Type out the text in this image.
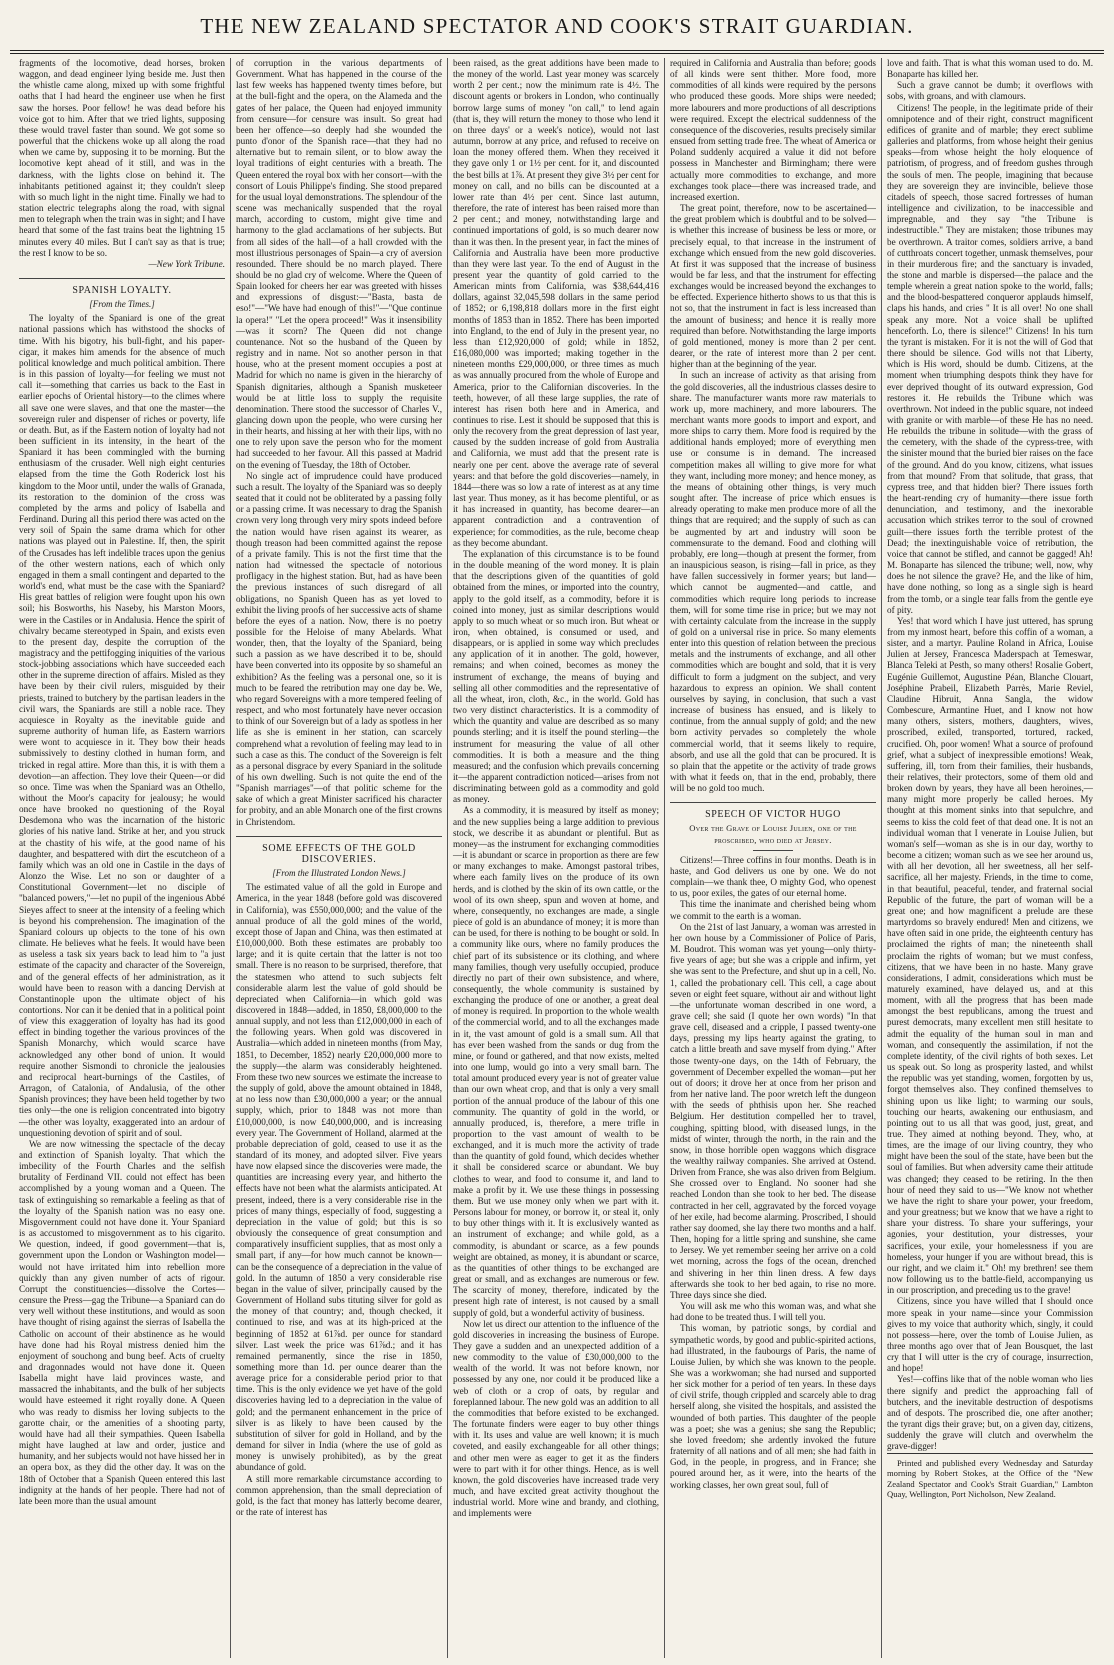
THE NEW ZEALAND SPECTATOR AND COOK'S STRAIT GUARDIAN.

fragments of the locomotive, dead horses, broken waggon, and dead engineer lying beside me. Just then the whistle came along, mixed up with some frightful oaths that I had heard the engineer use when he first saw the horses. Poor fellow! he was dead before his voice got to him. After that we tried lights, supposing these would travel faster than sound. We got some so powerful that the chickens woke up all along the road when we came by, supposing it to be morning. But the locomotive kept ahead of it still, and was in the darkness, with the lights close on behind it. The inhabitants petitioned against it; they couldn't sleep with so much light in the night time. Finally we had to station electric telegraphs along the road, with signal men to telegraph when the train was in sight; and I have heard that some of the fast trains beat the lightning 15 minutes every 40 miles. But I can't say as that is true; the rest I know to be so.

—New York Tribune.

SPANISH LOYALTY.
[From the Times.]

The loyalty of the Spaniard is one of the great national passions which has withstood the shocks of time. With his bigotry, his bull-fight, and his paper-cigar, it makes him amends for the absence of much political knowledge and much political ambition. There is in this passion of loyalty—for feeling we must not call it—something that carries us back to the East in earlier epochs of Oriental history—to the climes where all save one were slaves, and that one the master—the sovereign ruler and dispenser of riches or poverty, life or death. But, as if the Eastern notion of loyalty had not been sufficient in its intensity, in the heart of the Spaniard it has been commingled with the burning enthusiasm of the crusader. Well nigh eight centuries elapsed from the time the Goth Roderick lost his kingdom to the Moor until, under the walls of Granada, its restoration to the dominion of the cross was completed by the arms and policy of Isabella and Ferdinand. During all this period there was acted on the very soil of Spain the same drama which for other nations was played out in Palestine. If, then, the spirit of the Crusades has left indelible traces upon the genius of the other western nations, each of which only engaged in them a small contingent and departed to the world's end, what must be the case with the Spaniard? His great battles of religion were fought upon his own soil; his Bosworths, his Naseby, his Marston Moors, were in the Castiles or in Andalusia. Hence the spirit of chivalry became stereotyped in Spain, and exists even to the present day, despite the corruption of the magistracy and the pettifogging iniquities of the various stock-jobbing associations which have succeeded each other in the supreme direction of affairs. Misled as they have been by their civil rulers, misguided by their priests, trained to butchery by the partisan leaders in the civil wars, the Spaniards are still a noble race. They acquiesce in Royalty as the inevitable guide and supreme authority of human life, as Eastern warriors were wont to acquiesce in it. They bow their heads submissively to destiny clothed in human form, and tricked in regal attire. More than this, it is with them a devotion—an affection. They love their Queen—or did so once. Time was when the Spaniard was an Othello, without the Moor's capacity for jealousy; he would once have brooked no questioning of the Royal Desdemona who was the incarnation of the historic glories of his native land. Strike at her, and you struck at the chastity of his wife, at the good name of his daughter, and bespattered with dirt the escutcheon of a family which was an old one in Castile in the days of Alonzo the Wise. Let no son or daughter of a Constitutional Government—let no disciple of "balanced powers,"—let no pupil of the ingenious Abbé Sieyes affect to sneer at the intensity of a feeling which is beyond his comprehension. The imagination of the Spaniard colours up objects to the tone of his own climate. He believes what he feels. It would have been as useless a task six years back to lead him to "a just estimate of the capacity and character of the Sovereign, and of the general effects of her administration, as it would have been to reason with a dancing Dervish at Constantinople upon the ultimate object of his contortions. Nor can it be denied that in a political point of view this exaggeration of loyalty has had its good effect in binding together the various provinces of the Spanish Monarchy, which would scarce have acknowledged any other bond of union. It would require another Sismondi to chronicle the jealousies and reciprocal heart-burnings of the Castiles, of Arragon, of Catalonia, of Andalusia, of the other Spanish provinces; they have been held together by two ties only—the one is religion concentrated into bigotry—the other was loyalty, exaggerated into an ardour of unquestioning devotion of spirit and of soul.

We are now witnessing the spectacle of the decay and extinction of Spanish loyalty. That which the imbecility of the Fourth Charles and the selfish brutality of Ferdinand VII. could not effect has been accomplished by a young woman and a Queen. The task of extinguishing so remarkable a feeling as that of the loyalty of the Spanish nation was no easy one. Misgovernment could not have done it. Your Spaniard is as accustomed to misgovernment as to his cigarito. We question, indeed, if good government—that is, government upon the London or Washington model—would not have irritated him into rebellion more quickly than any given number of acts of rigour. Corrupt the constituencies—dissolve the Cortes—censure the Press—gag the Tribune—a Spaniard can do very well without these institutions, and would as soon have thought of rising against the sierras of Isabella the Catholic on account of their abstinence as he would have done had his Royal mistress denied him the enjoyment of souchong and bung beef. Acts of cruelty and dragonnades would not have done it. Queen Isabella might have laid provinces waste, and massacred the inhabitants, and the bulk of her subjects would have esteemed it right royally done. A Queen who was ready to dismiss her loving subjects to the garotte chair, or the amenities of a shooting party, would have had all their sympathies. Queen Isabella might have laughed at law and order, justice and humanity, and her subjects would not have hissed her in an opera box, as they did the other day. It was on the 18th of October that a Spanish Queen entered this last indignity at the hands of her people. There had not of late been more than the usual amount

of corruption in the various departments of Government. What has happened in the course of the last few weeks has happened twenty times before, but at the bull-fight and the opera, on the Alameda and the gates of her palace, the Queen had enjoyed immunity from censure—for censure was insult. So great had been her offence—so deeply had she wounded the punto d'onor of the Spanish race—that they had no alternative but to remain silent, or to blow away the loyal traditions of eight centuries with a breath. The Queen entered the royal box with her consort—with the consort of Louis Philippe's finding. She stood prepared for the usual loyal demonstrations. The splendour of the scene was mechanically suspended that the royal march, according to custom, might give time and harmony to the glad acclamations of her subjects. But from all sides of the hall—of a hall crowded with the most illustrious personages of Spain—a cry of aversion resounded. There should be no march played. There should be no glad cry of welcome. Where the Queen of Spain looked for cheers her ear was greeted with hisses and expressions of disgust:—"Basta, basta de eso!"—"We have had enough of this!"—"Que continue la opera!" "Let the opera proceed!" Was it insensibility—was it scorn? The Queen did not change countenance. Not so the husband of the Queen by registry and in name. Not so another person in that house, who at the present moment occupies a post at Madrid for which no name is given in the hierarchy of Spanish dignitaries, although a Spanish musketeer would be at little loss to supply the requisite denomination. There stood the successor of Charles V., glancing down upon the people, who were cursing her in their hearts, and hissing at her with their lips, with no one to rely upon save the person who for the moment had succeeded to her favour. All this passed at Madrid on the evening of Tuesday, the 18th of October.

No single act of imprudence could have produced such a result. The loyalty of the Spaniard was so deeply seated that it could not be obliterated by a passing folly or a passing crime. It was necessary to drag the Spanish crown very long through very miry spots indeed before the nation would have risen against its wearer, as though treason had been committed against the repose of a private family. This is not the first time that the nation had witnessed the spectacle of notorious profligacy in the highest station. But, had as have been the previous instances of such disregard of all obligations, no Spanish Queen has as yet loved to exhibit the living proofs of her successive acts of shame before the eyes of a nation. Now, there is no poetry possible for the Heloise of many Abelards. What wonder, then, that the loyalty of the Spaniard, being such a passion as we have described it to be, should have been converted into its opposite by so shameful an exhibition? As the feeling was a personal one, so it is much to be feared the retribution may one day be. We, who regard Sovereigns with a more tempered feeling of respect, and who most fortunately have never occasion to think of our Sovereign but of a lady as spotless in her life as she is eminent in her station, can scarcely comprehend what a revolution of feeling may lead to in such a case as this. The conduct of the Sovereign is felt as a personal disgrace by every Spaniard in the solitude of his own dwelling. Such is not quite the end of the "Spanish marriages"—of that politic scheme for the sake of which a great Minister sacrificed his character for probity, and an able Monarch one of the first crowns in Christendom.

SOME EFFECTS OF THE GOLD DISCOVERIES.
[From the Illustrated London News.]

The estimated value of all the gold in Europe and America, in the year 1848 (before gold was discovered in California), was £550,000,000; and the value of the annual produce of all the gold mines of the world, except those of Japan and China, was then estimated at £10,000,000. Both these estimates are probably too large; and it is quite certain that the latter is not too small. There is no reason to be surprised, therefore, that the statesmen who attend to such subjects felt considerable alarm lest the value of gold should be depreciated when California—in which gold was discovered in 1848—added, in 1850, £8,000,000 to the annual supply, and not less than £12,000,000 in each of the following years. When gold was discovered in Australia—which added in nineteen months (from May, 1851, to December, 1852) nearly £20,000,000 more to the supply—the alarm was considerably heightened. From these two new sources we estimate the increase to the supply of gold, above the amount obtained in 1848, at no less now than £30,000,000 a year; or the annual supply, which, prior to 1848 was not more than £10,000,000, is now £40,000,000, and is increasing every year. The Government of Holland, alarmed at the probable depreciation of gold, ceased to use it as the standard of its money, and adopted silver. Five years have now elapsed since the discoveries were made, the quantities are increasing every year, and hitherto the effects have not been what the alarmists anticipated. At present, indeed, there is a very considerable rise in the prices of many things, especially of food, suggesting a depreciation in the value of gold; but this is so obviously the consequence of great consumption and comparatively insufficient supplies, that as most only a small part, if any—for how much cannot be known—can be the consequence of a depreciation in the value of gold. In the autumn of 1850 a very considerable rise began in the value of silver, principally caused by the Government of Holland subs tituting silver for gold as the money of that country; and, though checked, it continued to rise, and was at its high-priced at the beginning of 1852 at 61⅞d. per ounce for standard silver. Last week the price was 61⅞d.; and it has remained permanently, since the rise in 1850, something more than 1d. per ounce dearer than the average price for a considerable period prior to that time. This is the only evidence we yet have of the gold discoveries having led to a depreciation in the value of gold; and the permanent enhancement in the price of silver is as likely to have been caused by the substitution of silver for gold in Holland, and by the demand for silver in India (where the use of gold as money is unwisely prohibited), as by the great abundance of gold.

A still more remarkable circumstance according to common apprehension, than the small depreciation of gold, is the fact that money has latterly become dearer, or the rate of interest has

been raised, as the great additions have been made to the money of the world. Last year money was scarcely worth 2 per cent.; now the minimum rate is 4½. The discount agents or brokers in London, who continually borrow large sums of money "on call," to lend again (that is, they will return the money to those who lend it on three days' or a week's notice), would not last autumn, borrow at any price, and refused to receive on loan the money offered them. When they received it they gave only 1 or 1½ per cent. for it, and discounted the best bills at 1⅞. At present they give 3½ per cent for money on call, and no bills can be discounted at a lower rate than 4½ per cent. Since last autumn, therefore, the rate of interest has been raised more than 2 per cent.; and money, notwithstanding large and continued importations of gold, is so much dearer now than it was then. In the present year, in fact the mines of California and Australia have been more productive than they were last year. To the end of August in the present year the quantity of gold carried to the American mints from California, was $38,644,416 dollars, against 32,045,598 dollars in the same period of 1852; or 6,198,818 dollars more in the first eight months of 1853 than in 1852. There has been imported into England, to the end of July in the present year, no less than £12,920,000 of gold; while in 1852, £16,080,000 was imported; making together in the nineteen months £29,000,000, or three times as much as was annually procured from the whole of Europe and America, prior to the Californian discoveries. In the teeth, however, of all these large supplies, the rate of interest has risen both here and in America, and continues to rise. Lest it should be supposed that this is only the recovery from the great depression of last year, caused by the sudden increase of gold from Australia and California, we must add that the present rate is nearly one per cent. above the average rate of several years: and that before the gold discoveries—namely, in 1844—there was so low a rate of interest as at any time last year. Thus money, as it has become plentiful, or as it has increased in quantity, has become dearer—an apparent contradiction and a contravention of experience; for commodities, as the rule, become cheap as they become abundant.

The explanation of this circumstance is to be found in the double meaning of the word money. It is plain that the descriptions given of the quantities of gold obtained from the mines, or imported into the country, apply to the gold itself, as a commodity, before it is coined into money, just as similar descriptions would apply to so much wheat or so much iron. But wheat or iron, when obtained, is consumed or used, and disappears, or is applied in some way which precludes any application of it in another. The gold, however, remains; and when coined, becomes as money the instrument of exchange, the means of buying and selling all other commodities and the representative of all the wheat, iron, cloth, &c., in the world. Gold has two very distinct characteristics. It is a commodity of which the quantity and value are described as so many pounds sterling; and it is itself the pound sterling—the instrument for measuring the value of all other commodities. It is both a measure and the thing measured; and the confusion which prevails concerning it—the apparent contradiction noticed—arises from not discriminating between gold as a commodity and gold as money.

As a commodity, it is measured by itself as money; and the new supplies being a large addition to previous stock, we describe it as abundant or plentiful. But as money—as the instrument for exchanging commodities—it is abundant or scarce in proportion as there are few or many exchanges to make. Amongst pastoral tribes, where each family lives on the produce of its own herds, and is clothed by the skin of its own cattle, or the wool of its own sheep, spun and woven at home, and where, consequently, no exchanges are made, a single piece of gold is an abundance of money; it is more than can be used, for there is nothing to be bought or sold. In a community like ours, where no family produces the chief part of its subsistence or its clothing, and where many families, though very usefully occupied, produce directly no part of their own subsistence, and where, consequently, the whole community is sustained by exchanging the produce of one or another, a great deal of money is required. In proportion to the whole wealth of the commercial world, and to all the exchanges made in it, the vast amount of gold is a small sum. All that has ever been washed from the sands or dug from the mine, or found or gathered, and that now exists, melted into one lump, would go into a very small barn. The total amount produced every year is not of greater value than our own wheat crop, and that is only a very small portion of the annual produce of the labour of this one community. The quantity of gold in the world, or annually produced, is, therefore, a mere trifle in proportion to the vast amount of wealth to be exchanged, and it is much more the activity of trade than the quantity of gold found, which decides whether it shall be considered scarce or abundant. We buy clothes to wear, and food to consume it, and land to make a profit by it. We use these things in possessing them. But we use money only when we part with it. Persons labour for money, or borrow it, or steal it, only to buy other things with it. It is exclusively wanted as an instrument of exchange; and while gold, as a commodity, is abundant or scarce, as a few pounds weight are obtained, as money, it is abundant or scarce, as the quantities of other things to be exchanged are great or small, and as exchanges are numerous or few. The scarcity of money, therefore, indicated by the present high rate of interest, is not caused by a small supply of gold, but a wonderful activity of business.

Now let us direct our attention to the influence of the gold discoveries in increasing the business of Europe. They gave a sudden and an unexpected addition of a new commodity to the value of £30,000,000 to the wealth of the world. It was not before known, nor possessed by any one, nor could it be produced like a web of cloth or a crop of oats, by regular and foreplanned labour. The new gold was an addition to all the commodities that before existed to be exchanged. The fortunate finders were eager to buy other things with it. Its uses and value are well known; it is much coveted, and easily exchangeable for all other things; and other men were as eager to get it as the finders were to part with it for other things. Hence, as is well known, the gold discoveries have increased trade very much, and have excited great activity thoughout the industrial world. More wine and brandy, and clothing, and implements were

required in California and Australia than before; goods of all kinds were sent thither. More food, more commodities of all kinds were required by the persons who produced these goods. More ships were needed; more labourers and more productions of all descriptions were required. Except the electrical suddenness of the consequence of the discoveries, results precisely similar ensued from setting trade free. The wheat of America or Poland suddenly acquired a value it did not before possess in Manchester and Birmingham; there were actually more commodities to exchange, and more exchanges took place—there was increased trade, and increased exertion.

The great point, therefore, now to be ascertained—the great problem which is doubtful and to be solved—is whether this increase of business be less or more, or precisely equal, to that increase in the instrument of exchange which ensued from the new gold discoveries. At first it was supposed that the increase of business would be far less, and that the instrument for effecting exchanges would be increased beyond the exchanges to be effected. Experience hitherto shows to us that this is not so, that the instrument in fact is less increased than the amount of business; and hence it is really more required than before. Notwithstanding the large imports of gold mentioned, money is more than 2 per cent. dearer, or the rate of interest more than 2 per cent. higher than at the beginning of the year.

In such an increase of activity as that arising from the gold discoveries, all the industrious classes desire to share. The manufacturer wants more raw materials to work up, more machinery, and more labourers. The merchant wants more goods to import and export, and more ships to carry them. More food is required by the additional hands employed; more of everything men use or consume is in demand. The increased competition makes all willing to give more for what they want, including more money; and hence money, as the means of obtaining other things, is very much sought after. The increase of price which ensues is already operating to make men produce more of all the things that are required; and the supply of such as can be augmented by art and industry will soon be commensurate to the demand. Food and clothing will probably, ere long—though at present the former, from an inauspicious season, is rising—fall in price, as they have fallen successively in former years; but land—which cannot be augmented—and cattle, and commodities which require long periods to increase them, will for some time rise in price; but we may not with certainty calculate from the increase in the supply of gold on a universal rise in price. So many elements enter into this question of relation between the precious metals and the instruments of exchange, and all other commodities which are bought and sold, that it is very difficult to form a judgment on the subject, and very hazardous to express an opinion. We shall content ourselves by saying, in conclusion, that such a vast increase of business has ensued, and is likely to continue, from the annual supply of gold; and the new born activity pervades so completely the whole commercial world, that it seems likely to require, absorb, and use all the gold that can be procured. It is so plain that the appetite or the activity of trade grows with what it feeds on, that in the end, probably, there will be no gold too much.

SPEECH OF VICTOR HUGO
Over the Grave of Louise Julien, one of the proscribed, who died at Jersey.

Citizens!—Three coffins in four months. Death is in haste, and God delivers us one by one. We do not complain—we thank thee, O mighty God, who openest to us, poor exiles, the gates of our eternal home.

This time the inanimate and cherished being whom we commit to the earth is a woman.

On the 21st of last January, a woman was arrested in her own house by a Commissioner of Police of Paris, M. Boudrot. This woman was yet young—only thirty-five years of age; but she was a cripple and infirm, yet she was sent to the Prefecture, and shut up in a cell, No. 1, called the probationary cell. This cell, a cage about seven or eight feet square, without air and without light—the unfortunate woman described in one word, a grave cell; she said (I quote her own words) "In that grave cell, diseased and a cripple, I passed twenty-one days, pressing my lips hearty against the grating, to catch a little breath and save myself from dying." After those twenty-one days, on the 14th of February, the government of December expelled the woman—put her out of doors; it drove her at once from her prison and from her native land. The poor wretch left the dungeon with the seeds of phthisis upon her. She reached Belgium. Her destitution compelled her to travel, coughing, spitting blood, with diseased lungs, in the midst of winter, through the north, in the rain and the snow, in those horrible open waggons which disgrace the wealthy railway companies. She arrived at Ostend. Driven from France, she was also driven from Belgium. She crossed over to England. No sooner had she reached London than she took to her bed. The disease contracted in her cell, aggravated by the forced voyage of her exile, had become alarming. Proscribed, I should rather say doomed, she lay there two months and a half. Then, hoping for a little spring and sunshine, she came to Jersey. We yet remember seeing her arrive on a cold wet morning, across the fogs of the ocean, drenched and shivering in her thin linen dress. A few days afterwards she took to her bed again, to rise no more. Three days since she died.

You will ask me who this woman was, and what she had done to be treated thus. I will tell you.

This woman, by patriotic songs, by cordial and sympathetic words, by good and public-spirited actions, had illustrated, in the faubourgs of Paris, the name of Louise Julien, by which she was known to the people. She was a workwoman; she had nursed and supported her sick mother for a period of ten years. In these days of civil strife, though crippled and scarcely able to drag herself along, she visited the hospitals, and assisted the wounded of both parties. This daughter of the people was a poet; she was a genius; she sang the Republic; she loved freedom; she ardently invoked the future fraternity of all nations and of all men; she had faith in God, in the people, in progress, and in France; she poured around her, as it were, into the hearts of the working classes, her own great soul, full of

love and faith. That is what this woman used to do. M. Bonaparte has killed her.

Such a grave cannot be dumb; it overflows with sobs, with groans, and with clamours.

Citizens! The people, in the legitimate pride of their omnipotence and of their right, construct magnificent edifices of granite and of marble; they erect sublime galleries and platforms, from whose height their genius speaks—from whose height the holy eloquence of patriotism, of progress, and of freedom gushes through the souls of men. The people, imagining that because they are sovereign they are invincible, believe those citadels of speech, those sacred fortresses of human intelligence and civilization, to be inaccessible and impregnable, and they say "the Tribune is indestructible." They are mistaken; those tribunes may be overthrown. A traitor comes, soldiers arrive, a band of cutthroats concert together, unmask themselves, pour in their murderous fire; and the sanctuary is invaded, the stone and marble is dispersed—the palace and the temple wherein a great nation spoke to the world, falls; and the blood-bespattered conqueror applauds himself, claps his hands, and cries " It is all over! No one shall speak any more. Not a voice shall be uplifted henceforth. Lo, there is silence!" Citizens! In his turn the tyrant is mistaken. For it is not the will of God that there should be silence. God wills not that Liberty, which is His word, should be dumb. Citizens, at the moment when triumphing despots think they have for ever deprived thought of its outward expression, God restores it. He rebuilds the Tribune which was overthrown. Not indeed in the public square, not indeed with granite or with marble—of these He has no need. He rebuilds the tribune in solitude—with the grass of the cemetery, with the shade of the cypress-tree, with the sinister mound that the buried bier raises on the face of the ground. And do you know, citizens, what issues from that mound? From that solitude, that grass, that cypress tree, and that hidden bier? There issues forth the heart-rending cry of humanity—there issue forth denunciation, and testimony, and the inexorable accusation which strikes terror to the soul of crowned guilt—there issues forth the terrible protest of the Dead; the inextinguishable voice of retribution, the voice that cannot be stifled, and cannot be gagged! Ah! M. Bonaparte has silenced the tribune; well, now, why does he not silence the grave? He, and the like of him, have done nothing, so long as a single sigh is heard from the tomb, or a single tear falls from the gentle eye of pity.

Yes! that word which I have just uttered, has sprung from my inmost heart, before this coffin of a woman, a sister, and a martyr. Pauline Roland in Africa, Louise Julien at Jersey, Francesca Maderspach at Temeswar, Blanca Teleki at Pesth, so many others! Rosalie Gobert, Eugénie Guillemot, Augustine Péan, Blanche Clouart, Joséphine Prabeil, Elizabeth Parrès, Marie Reviel, Claudine Hibruit, Anna Sangla, the widow Combescure, Armantine Huet, and I know not how many others, sisters, mothers, daughters, wives, proscribed, exiled, transported, tortured, racked, crucified. Oh, poor women! What a source of profound grief, what a subject of inexpressible emotions! Weak, suffering, ill, torn from their families, their husbands, their relatives, their protectors, some of them old and broken down by years, they have all been heroines,—many might more properly be called heroes. My thought at this moment sinks into that sepulchre, and seems to kiss the cold feet of that dead one. It is not an individual woman that I venerate in Louise Julien, but woman's self—woman as she is in our day, worthy to become a citizen; woman such as we see her around us, with all her devotion, all her sweetness, all her self-sacrifice, all her majesty. Friends, in the time to come, in that beautiful, peaceful, tender, and fraternal social Republic of the future, the part of woman will be a great one; and how magnificent a prelude are these martyrdoms so bravely endured! Men and citizens, we have often said in one pride, the eighteenth century has proclaimed the rights of man; the nineteenth shall proclaim the rights of woman; but we must confess, citizens, that we have been in no haste. Many grave considerations, I admit, considerations which must be maturely examined, have delayed us, and at this moment, with all the progress that has been made amongst the best republicans, among the truest and purest democrats, many excellent men still hesitate to admit the equality of the human soul in man and woman, and consequently the assimilation, if not the complete identity, of the civil rights of both sexes. Let us speak out. So long as prosperity lasted, and whilst the republic was yet standing, women, forgotten by us, forgot themselves also. They confined themselves to shining upon us like light; to warming our souls, touching our hearts, awakening our enthusiasm, and pointing out to us all that was good, just, great, and true. They aimed at nothing beyond. They, who, at times, are the image of our living country, they who might have been the soul of the state, have been but the soul of families. But when adversity came their attitude was changed; they ceased to be retiring. In the then hour of need they said to us—"We know not whether we have the right to share your power, your freedom, and your greatness; but we know that we have a right to share your distress. To share your sufferings, your agonies, your destitution, your distresses, your sacrifices, your exile, your homelessness if you are homeless, your hunger if you are without bread, this is our right, and we claim it." Oh! my brethren! see them now following us to the battle-field, accompanying us in our proscription, and preceding us to the grave!

Citizens, since you have willed that I should once more speak in your name—since your Commission gives to my voice that authority which, singly, it could not possess—here, over the tomb of Louise Julien, as three months ago over that of Jean Bousquet, the last cry that I will utter is the cry of courage, insurrection, and hope!

Yes!—coffins like that of the noble woman who lies there signify and predict the approaching fall of butchers, and the inevitable destruction of despotisms and of despots. The proscribed die, one after another; the tyrant digs their grave; but, on a given day, citizens, suddenly the grave will clutch and overwhelm the grave-digger!

Printed and published every Wednesday and Saturday morning by Robert Stokes, at the Office of the "New Zealand Spectator and Cook's Strait Guardian," Lambton Quay, Wellington, Port Nicholson, New Zealand.
